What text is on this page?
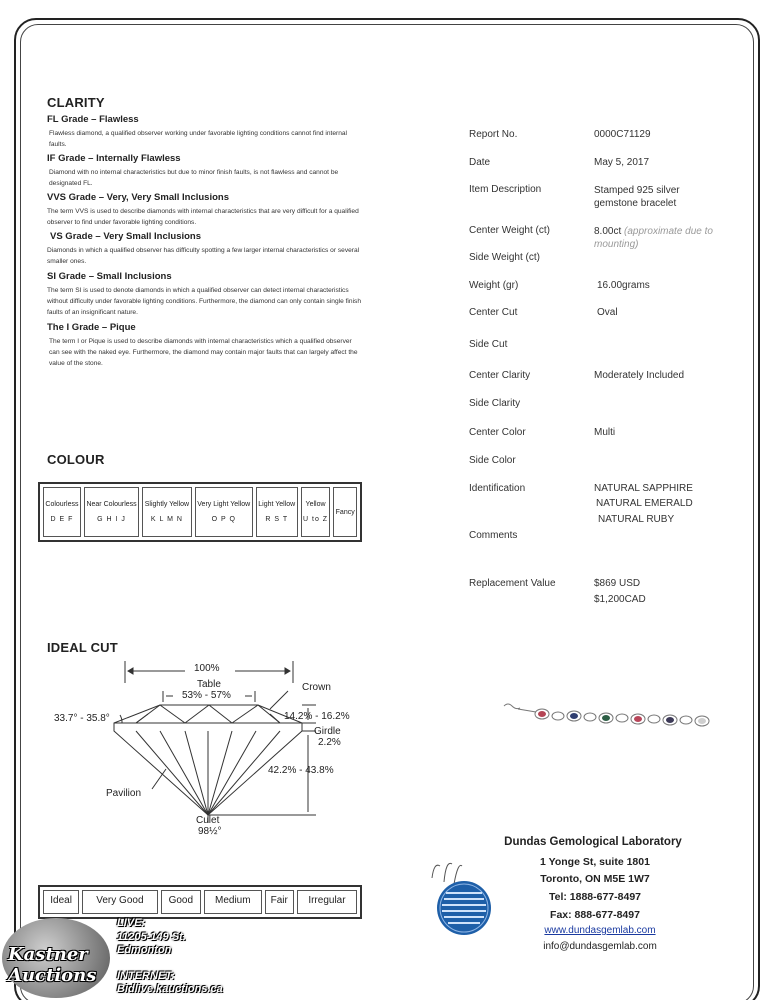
CLARITY
FL Grade – Flawless
Flawless diamond, a qualified observer working under favorable lighting conditions cannot find internal faults.
IF Grade – Internally Flawless
Diamond with no internal characteristics but due to minor finish faults, is not flawless and cannot be designated FL.
VVS Grade – Very, Very Small Inclusions
The term VVS is used to describe diamonds with internal characteristics that are very difficult for a qualified observer to find under favorable lighting conditions.
VS Grade – Very Small Inclusions
Diamonds in which a qualified observer has difficulty spotting a few larger internal characteristics or several smaller ones.
SI Grade – Small Inclusions
The term SI is used to denote diamonds in which a qualified observer can detect internal characteristics without difficulty under favorable lighting conditions. Furthermore, the diamond can only contain single finish faults of an insignificant nature.
The I Grade – Pique
The term I or Pique is used to describe diamonds with internal characteristics which a qualified observer can see with the naked eye. Furthermore, the diamond may contain major faults that can largely affect the value of the stone.
COLOUR
Colourless
D E F

Near Colourless
G H I J

Slightly Yellow
K L M N

Very Light Yellow
O P Q

Light Yellow
R S T

Yellow
U to Z

Fancy
IDEAL CUT
100%
Table
53% - 57%
Crown
33.7° - 35.8°	14.2% - 16.2%
Girdle
2.2%
42.2% - 43.8%
Pavilion
Culet
98½°
Ideal	Very Good	Good	Medium	Fair	Irregular
Report No.	0000C71129
Date	May 5, 2017
Item Description	Stamped 925 silver gemstone bracelet
Center Weight (ct)	8.00ct (approximate due to mounting)
Side Weight (ct)
Weight (gr)	16.00grams
Center Cut	Oval
Side Cut
Center Clarity	Moderately Included
Side Clarity
Center Color	Multi
Side Color
Identification	NATURAL SAPPHIRE
NATURAL EMERALD
NATURAL RUBY
Comments
Replacement Value	$869 USD
$1,200CAD
Dundas Gemological Laboratory
1 Yonge St, suite 1801
Toronto, ON M5E 1W7
Tel: 1888-677-8497
Fax: 888-677-8497
www.dundasgemlab.com
info@dundasgemlab.com
Kastner Auctions
LIVE:
11205-149 St.
Edmonton
INTERNET:
Bidlive.kauctions.ca
